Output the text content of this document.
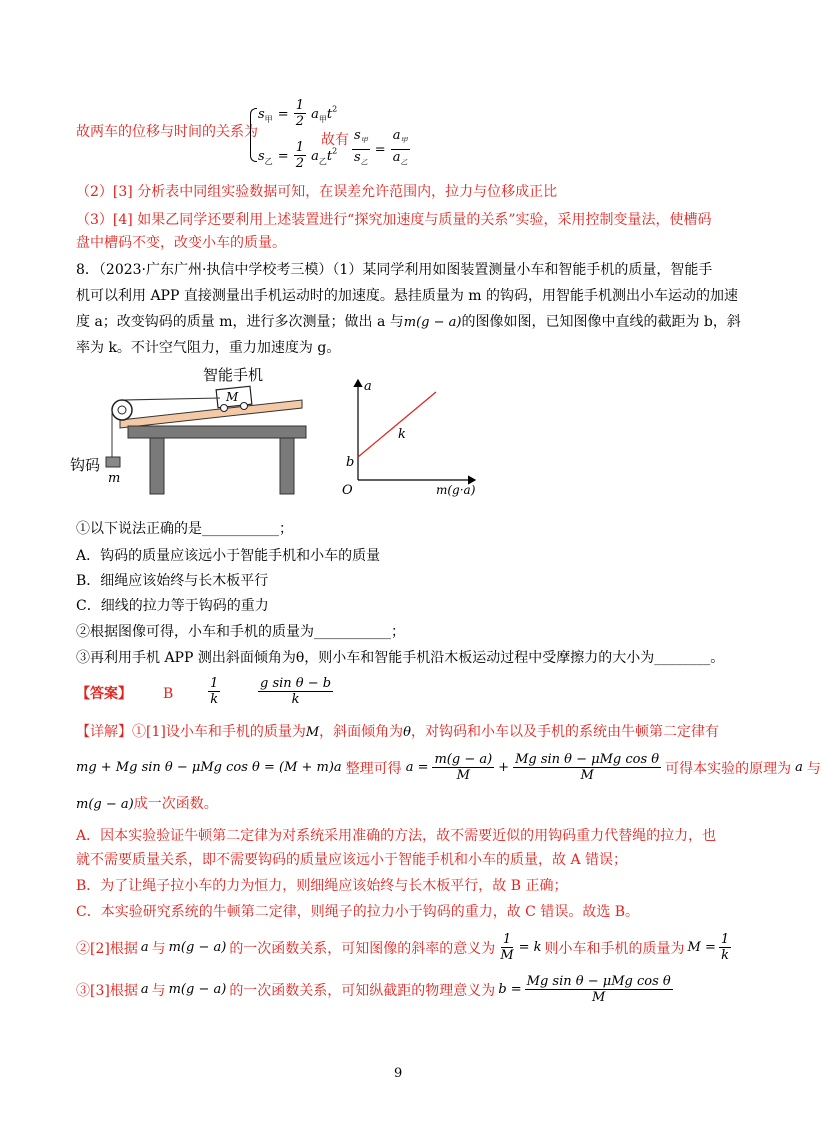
故两车的位移与时间的关系为
$s_甲 = \frac{1}{2} a_甲t^2$
$s_乙 = \frac{1}{2} a_乙t^2$
故有 $\frac{s_甲}{s_乙} = \frac{a_甲}{a_乙}$
（2）[3] 分析表中同组实验数据可知，在误差允许范围内，拉力与位移成正比
（3）[4] 如果乙同学还要利用上述装置进行“探究加速度与质量的关系”实验，采用控制变量法，使槽码
盘中槽码不变，改变小车的质量。
8．（2023·广东广州·执信中学校考三模）（1）某同学利用如图装置测量小车和智能手机的质量，智能手
机可以利用 APP 直接测量出手机运动时的加速度。悬挂质量为 m 的钩码，用智能手机测出小车运动的加速
度 a；改变钩码的质量 m，进行多次测量；做出 a 与m(g − a)的图像如图，已知图像中直线的截距为 b，斜
率为 k。不计空气阻力，重力加速度为 g。
智能手机
M
钩码
m
a
m(g·a)
O
b
k
①以下说法正确的是___________；
A．钩码的质量应该远小于智能手机和小车的质量
B．细绳应该始终与长木板平行
C．细线的拉力等于钩码的重力
②根据图像可得，小车和手机的质量为___________；
③再利用手机 APP 测出斜面倾角为θ，则小车和智能手机沿木板运动过程中受摩擦力的大小为________。
【答案】 B	$\frac{1}{k}$	$\frac{\text{g sin θ − b}}{k}$
【详解】①[1]设小车和手机的质量为M，斜面倾角为θ，对钩码和小车以及手机的系统由牛顿第二定律有
mg + Mg sin θ − μMg cos θ = (M + m)a 整理可得 $a = \frac{m(g - a)}{M} + \frac{\text{Mg sin θ − μMg cos θ}}{M}$ 可得本实验的原理为 a 与
m(g − a)成一次函数。
A．因本实验验证牛顿第二定律为对系统采用准确的方法，故不需要近似的用钩码重力代替绳的拉力，也
就不需要质量关系，即不需要钩码的质量应该远小于智能手机和小车的质量，故 A 错误；
B．为了让绳子拉小车的力为恒力，则细绳应该始终与长木板平行，故 B 正确；
C．本实验研究系统的牛顿第二定律，则绳子的拉力小于钩码的重力，故 C 错误。故选 B。
②[2]根据 a 与 m(g − a) 的一次函数关系，可知图像的斜率的意义为 $\frac{1}{M} = k$ 则小车和手机的质量为 $M = \frac{1}{k}$
③[3]根据 a 与 m(g − a) 的一次函数关系，可知纵截距的物理意义为 $b = \frac{\text{Mg sin θ − μMg cos θ}}{M}$
9
